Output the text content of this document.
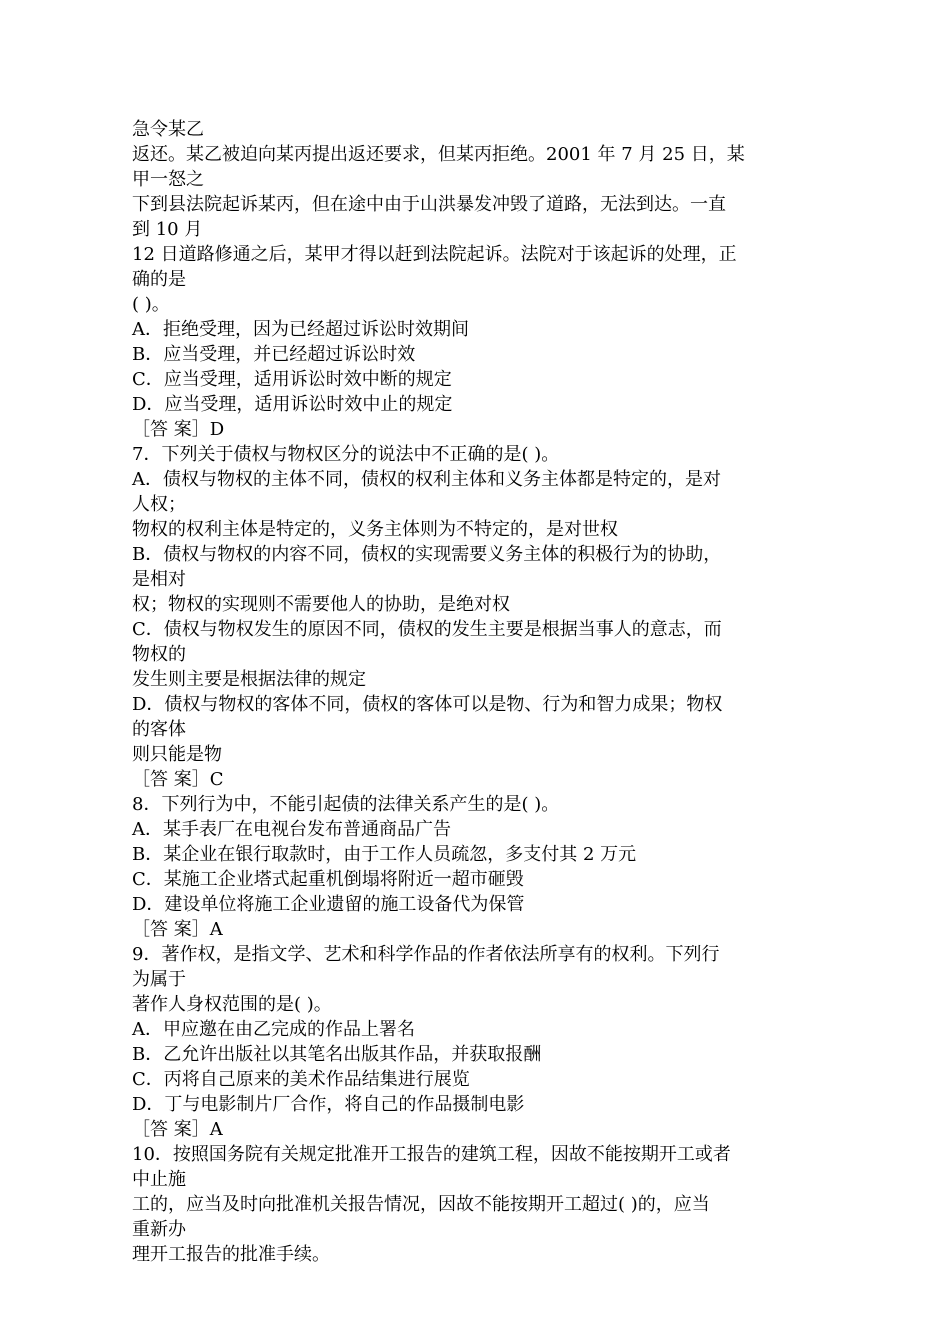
急令某乙
返还。某乙被迫向某丙提出返还要求，但某丙拒绝。2001 年 7 月 25 日，某
甲一怒之
下到县法院起诉某丙，但在途中由于山洪暴发冲毁了道路，无法到达。一直
到 10 月
12 日道路修通之后，某甲才得以赶到法院起诉。法院对于该起诉的处理，正
确的是
( )。
A．拒绝受理，因为已经超过诉讼时效期间
B．应当受理，并已经超过诉讼时效
C．应当受理，适用诉讼时效中断的规定
D．应当受理，适用诉讼时效中止的规定
［答 案］D
7．下列关于债权与物权区分的说法中不正确的是( )。
A．债权与物权的主体不同，债权的权利主体和义务主体都是特定的，是对
人权；
物权的权利主体是特定的，义务主体则为不特定的，是对世权
B．债权与物权的内容不同，债权的实现需要义务主体的积极行为的协助，
是相对
权；物权的实现则不需要他人的协助，是绝对权
C．债权与物权发生的原因不同，债权的发生主要是根据当事人的意志，而
物权的
发生则主要是根据法律的规定
D．债权与物权的客体不同，债权的客体可以是物、行为和智力成果；物权
的客体
则只能是物
［答 案］C
8．下列行为中，不能引起债的法律关系产生的是( )。
A．某手表厂在电视台发布普通商品广告
B．某企业在银行取款时，由于工作人员疏忽，多支付其 2 万元
C．某施工企业塔式起重机倒塌将附近一超市砸毁
D．建设单位将施工企业遗留的施工设备代为保管
［答 案］A
9．著作权，是指文学、艺术和科学作品的作者依法所享有的权利。下列行
为属于
著作人身权范围的是( )。
A．甲应邀在由乙完成的作品上署名
B．乙允许出版社以其笔名出版其作品，并获取报酬
C．丙将自己原来的美术作品结集进行展览
D．丁与电影制片厂合作，将自己的作品摄制电影
［答 案］A
10．按照国务院有关规定批准开工报告的建筑工程，因故不能按期开工或者
中止施
工的，应当及时向批准机关报告情况，因故不能按期开工超过( )的，应当
重新办
理开工报告的批准手续。
